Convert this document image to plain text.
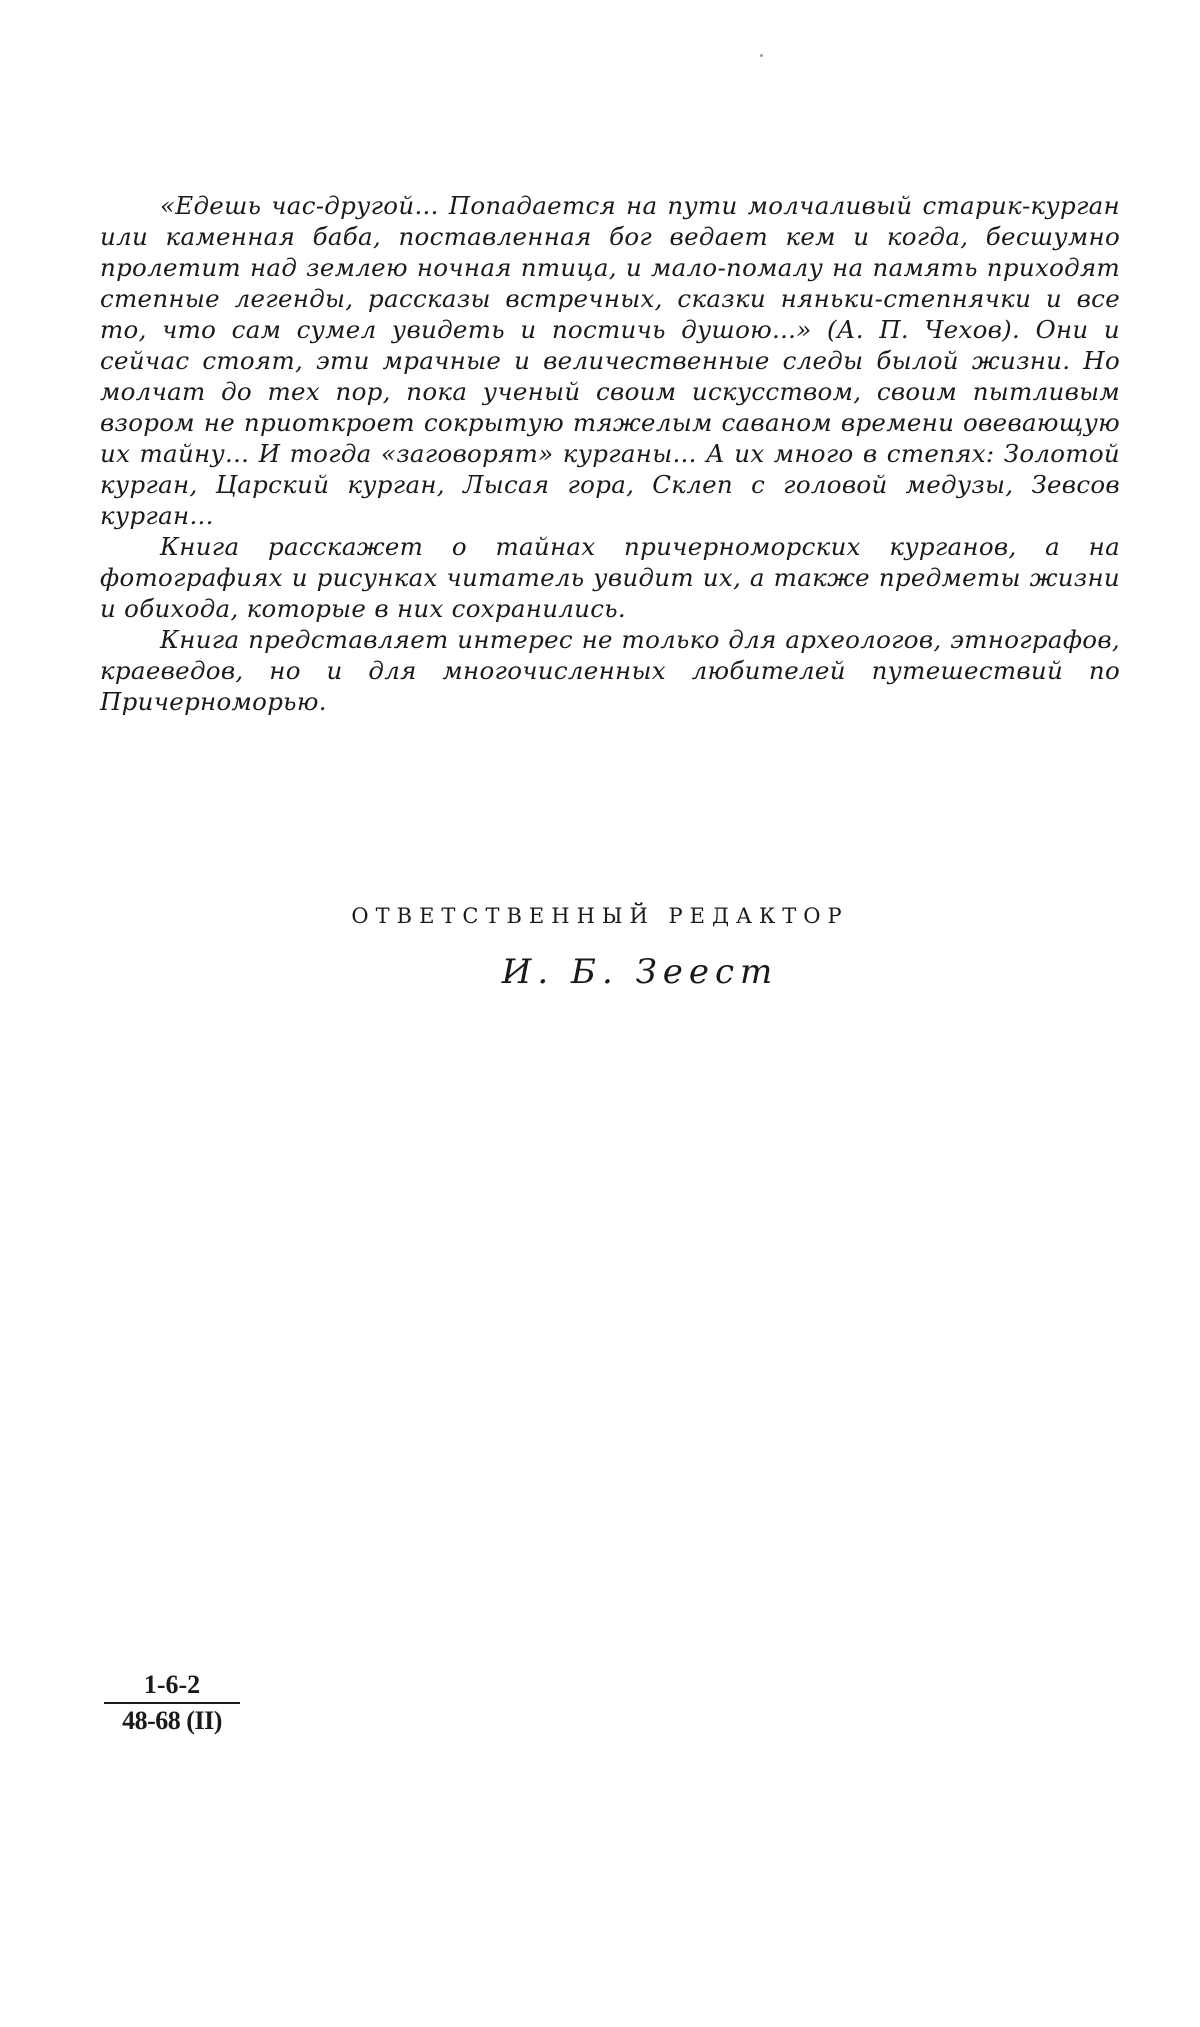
«Едешь час-другой... Попадается на пути молчаливый старик-курган или каменная баба, поставленная бог ведает кем и когда, бесшумно пролетит над землею ночная птица, и мало-помалу на память приходят степные легенды, рассказы встречных, сказки няньки-степнячки и все то, что сам сумел увидеть и постичь душою...» (А. П. Чехов). Они и сейчас стоят, эти мрачные и величественные следы былой жизни. Но молчат до тех пор, пока ученый своим искусством, своим пытливым взором не приоткроет сокрытую тяжелым саваном времени овевающую их тайну... И тогда «заговорят» курганы... А их много в степях: Золотой курган, Царский курган, Лысая гора, Склеп с головой медузы, Зевсов курган...

Книга расскажет о тайнах причерноморских курганов, а на фотографиях и рисунках читатель увидит их, а также предметы жизни и обихода, которые в них сохранились.

Книга представляет интерес не только для археологов, этнографов, краеведов, но и для многочисленных любителей путешествий по Причерноморью.

ОТВЕТСТВЕННЫЙ РЕДАКТОР
И. Б. Зеест
$\frac{1-6-2}{48-68 (II)}$
